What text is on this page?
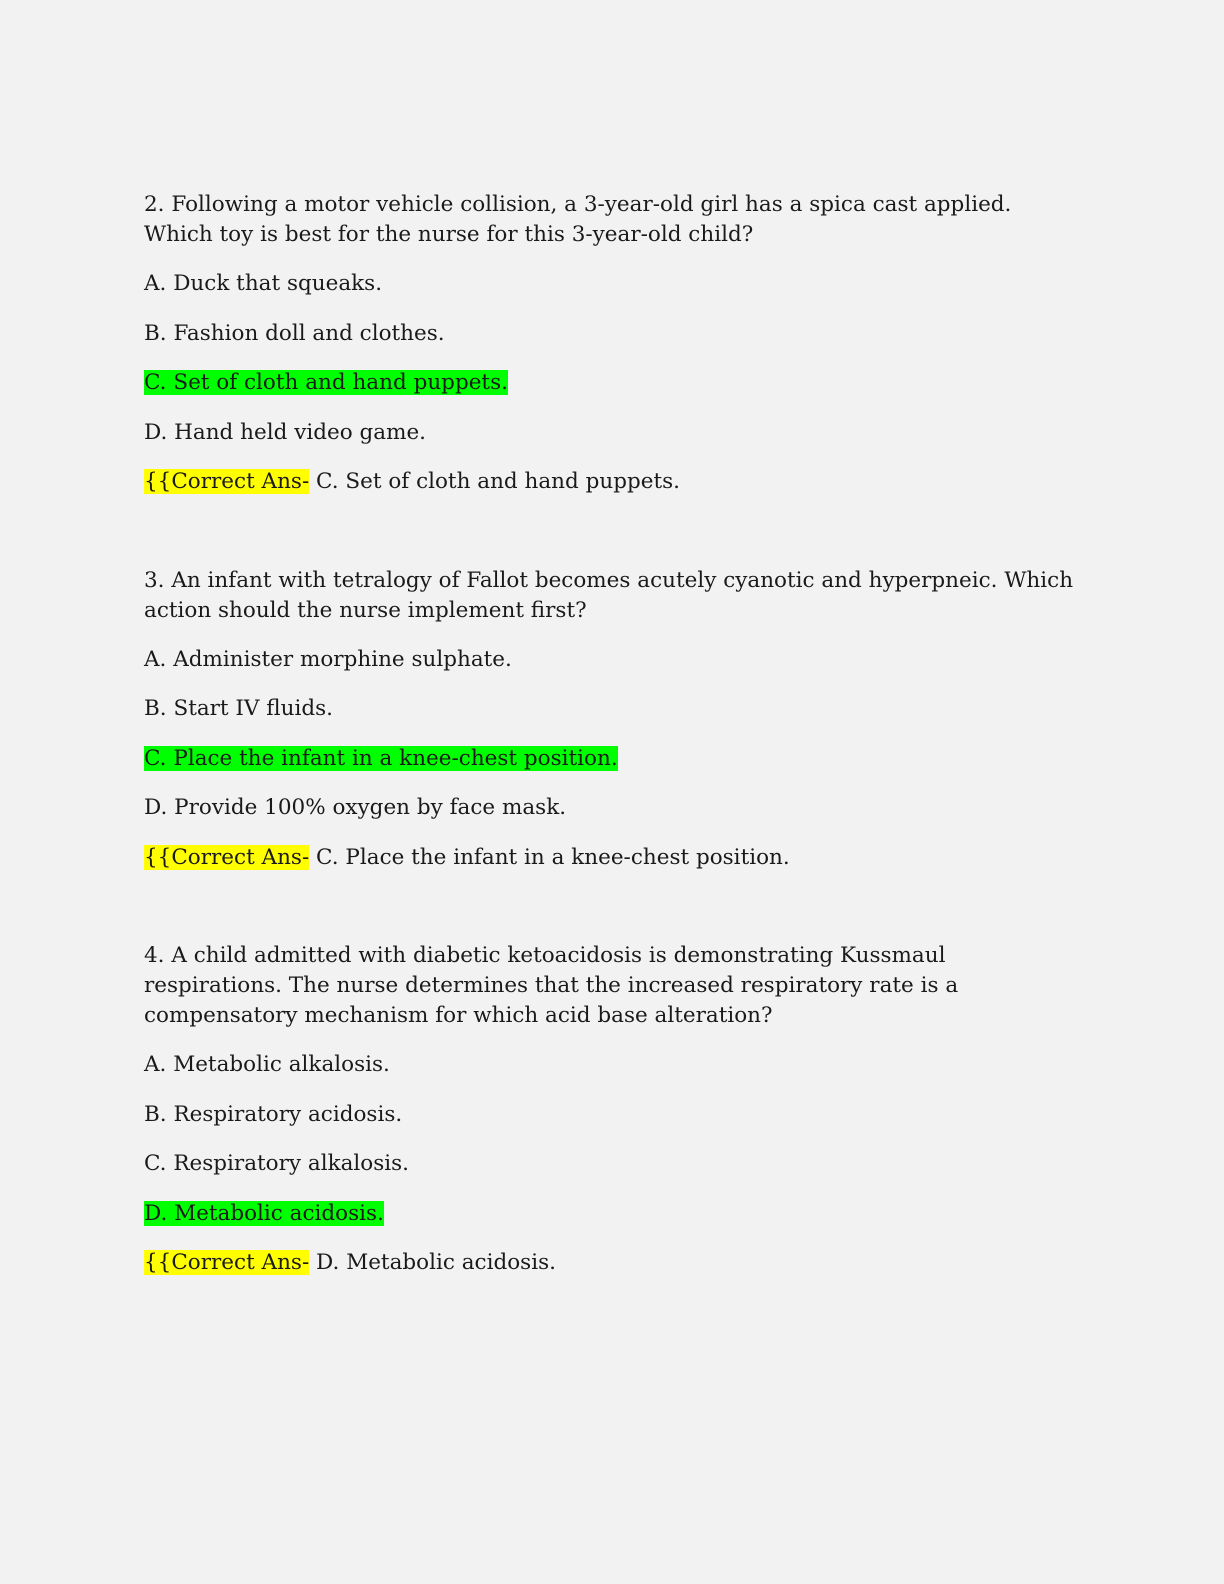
2. Following a motor vehicle collision, a 3-year-old girl has a spica cast applied. Which toy is best for the nurse for this 3-year-old child?

A. Duck that squeaks.
B. Fashion doll and clothes.
C. Set of cloth and hand puppets.
D. Hand held video game.
{{Correct Ans- C. Set of cloth and hand puppets.

3. An infant with tetralogy of Fallot becomes acutely cyanotic and hyperpneic. Which action should the nurse implement first?

A. Administer morphine sulphate.
B. Start IV fluids.
C. Place the infant in a knee-chest position.
D. Provide 100% oxygen by face mask.
{{Correct Ans- C. Place the infant in a knee-chest position.

4. A child admitted with diabetic ketoacidosis is demonstrating Kussmaul respirations. The nurse determines that the increased respiratory rate is a compensatory mechanism for which acid base alteration?

A. Metabolic alkalosis.
B. Respiratory acidosis.
C. Respiratory alkalosis.
D. Metabolic acidosis.
{{Correct Ans- D. Metabolic acidosis.
